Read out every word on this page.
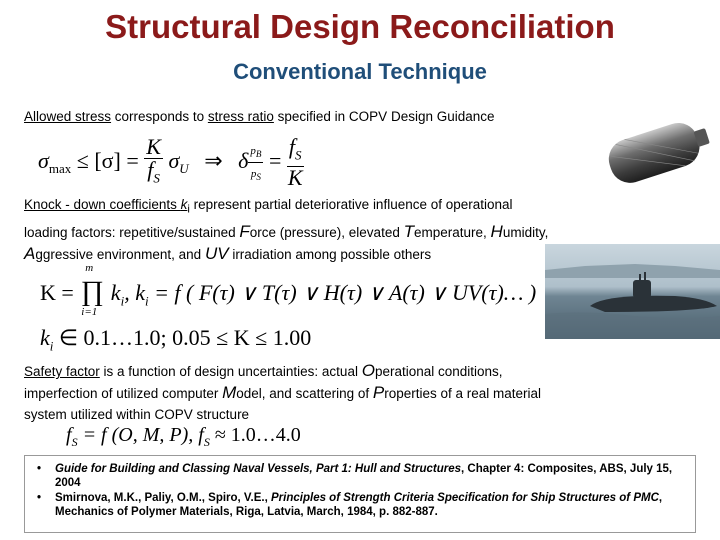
Structural Design Reconciliation
Conventional Technique
Allowed stress corresponds to stress ratio specified in COPV Design Guidance
$\sigma_{max} \le [\sigma] = \frac{K}{f_S} \sigma_U$ ⇒ δ $\frac{p_B}{p_S} = \frac{f_S}{K}$
Knock - down coefficients $k_i$ represent partial deteriorative influence of operational
loading factors: repetitive/sustained Force (pressure), elevated Temperature, Humidity,
Aggressive environment, and UV irradiation among possible others
K = ∏
m
i=1
$k_i$, $k_i = f$ ( F(τ) ∨ T(τ) ∨ H(τ) ∨ A(τ) ∨ UV(τ)… )
$k_i$ ∈ 0.1…1.0; 0.05 ≤ K ≤ 1.00
Safety factor is a function of design uncertainties: actual Operational conditions,
imperfection of utilized computer Model, and scattering of Properties of a real material
system utilized within COPV structure
$f_S = f$ (O, M, P), $f_S$ ≈ 1.0…4.0
• Guide for Building and Classing Naval Vessels, Part 1: Hull and Structures, Chapter 4: Composites, ABS, July 15, 2004
• Smirnova, M.K., Paliy, O.M., Spiro, V.E., Principles of Strength Criteria Specification for Ship Structures of PMC, Mechanics of Polymer Materials, Riga, Latvia, March, 1984, p. 882-887.
